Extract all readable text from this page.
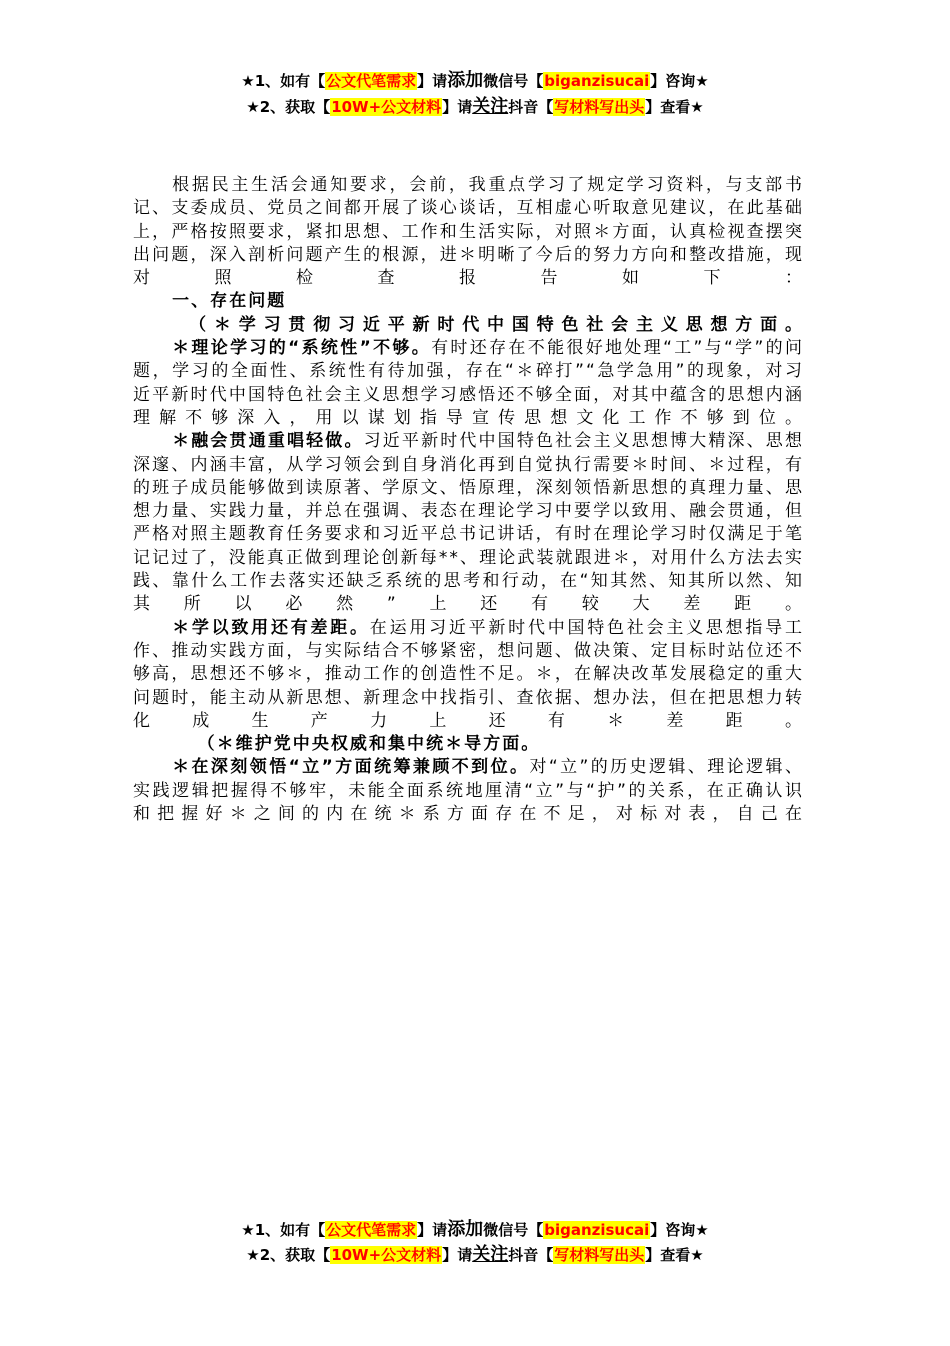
★1、如有【公文代笔需求】请添加微信号【biganzisucai】咨询★
★2、获取【10W+公文材料】请关注抖音【写材料写出头】查看★

根据民主生活会通知要求，会前，我重点学习了规定学习资料，与支部书记、支委成员、党员之间都开展了谈心谈话，互相虚心听取意见建议，在此基础上，严格按照要求，紧扣思想、工作和生活实际，对照＊方面，认真检视查摆突出问题，深入剖析问题产生的根源，进＊明晰了今后的努力方向和整改措施，现对照检查报告如下：

一、存在问题

（＊学习贯彻习近平新时代中国特色社会主义思想方面。

＊理论学习的“系统性”不够。有时还存在不能很好地处理“工”与“学”的问题，学习的全面性、系统性有待加强，存在“＊碎打”“急学急用”的现象，对习近平新时代中国特色社会主义思想学习感悟还不够全面，对其中蕴含的思想内涵理解不够深入，用以谋划指导宣传思想文化工作不够到位。

＊融会贯通重唱轻做。习近平新时代中国特色社会主义思想博大精深、思想深邃、内涵丰富，从学习领会到自身消化再到自觉执行需要＊时间、＊过程，有的班子成员能够做到读原著、学原文、悟原理，深刻领悟新思想的真理力量、思想力量、实践力量，并总在强调、表态在理论学习中要学以致用、融会贯通，但严格对照主题教育任务要求和习近平总书记讲话，有时在理论学习时仅满足于笔记记过了，没能真正做到理论创新每**、理论武装就跟进＊，对用什么方法去实践、靠什么工作去落实还缺乏系统的思考和行动，在“知其然、知其所以然、知其所以必然”上还有较大差距。

＊学以致用还有差距。在运用习近平新时代中国特色社会主义思想指导工作、推动实践方面，与实际结合不够紧密，想问题、做决策、定目标时站位还不够高，思想还不够＊，推动工作的创造性不足。＊，在解决改革发展稳定的重大问题时，能主动从新思想、新理念中找指引、查依据、想办法，但在把思想力转化成生产力上还有＊差距。

（＊维护党中央权威和集中统＊导方面。

＊在深刻领悟“立”方面统筹兼顾不到位。对“立”的历史逻辑、理论逻辑、实践逻辑把握得不够牢，未能全面系统地厘清“立”与“护”的关系，在正确认识和把握好＊之间的内在统＊系方面存在不足，对标对表，自己在

★1、如有【公文代笔需求】请添加微信号【biganzisucai】咨询★
★2、获取【10W+公文材料】请关注抖音【写材料写出头】查看★
